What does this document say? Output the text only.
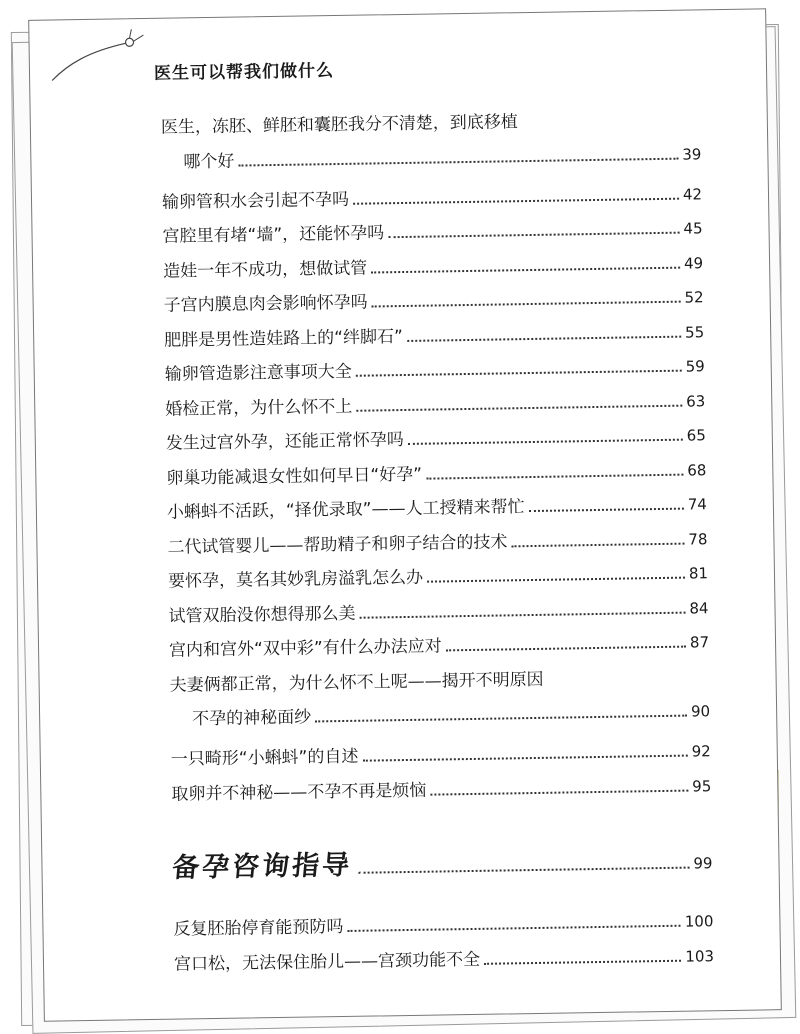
医生可以帮我们做什么
医生，冻胚、鲜胚和囊胚我分不清楚，到底移植
哪个好	39
输卵管积水会引起不孕吗	42
宫腔里有堵“墙”，还能怀孕吗	45
造娃一年不成功，想做试管	49
子宫内膜息肉会影响怀孕吗	52
肥胖是男性造娃路上的“绊脚石”	55
输卵管造影注意事项大全	59
婚检正常，为什么怀不上	63
发生过宫外孕，还能正常怀孕吗	65
卵巢功能减退女性如何早日“好孕”	68
小蝌蚪不活跃，“择优录取”——人工授精来帮忙	74
二代试管婴儿——帮助精子和卵子结合的技术	78
要怀孕，莫名其妙乳房溢乳怎么办	81
试管双胎没你想得那么美	84
宫内和宫外“双中彩”有什么办法应对	87
夫妻俩都正常，为什么怀不上呢——揭开不明原因
不孕的神秘面纱	90
一只畸形“小蝌蚪”的自述	92
取卵并不神秘——不孕不再是烦恼	95
备孕咨询指导	99
反复胚胎停育能预防吗	100
宫口松，无法保住胎儿——宫颈功能不全	103
